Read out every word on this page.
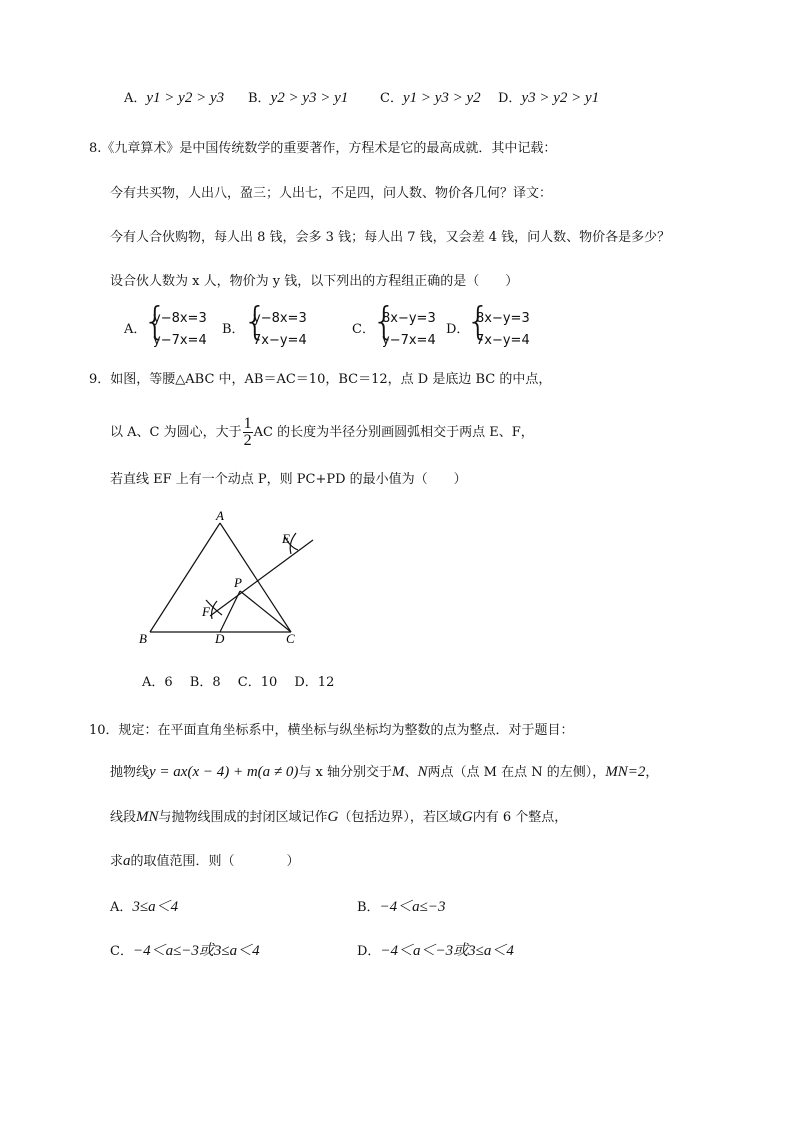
A．y1 > y2 > y3 B．y2 > y3 > y1 C．y1 > y3 > y2 D．y3 > y2 > y1
8.《九章算术》是中国传统数学的重要著作，方程术是它的最高成就．其中记载：
今有共买物，人出八，盈三；人出七，不足四，问人数、物价各几何？译文：
今有人合伙购物，每人出 8 钱，会多 3 钱；每人出 7 钱，又会差 4 钱，问人数、物价各是多少？
设合伙人数为 x 人，物价为 y 钱，以下列出的方程组正确的是（　　）
A．
{
y−8x=3
y−7x=4
B．
{
y−8x=3
7x−y=4
C．
{
8x−y=3
y−7x=4
D．
{
8x−y=3
7x−y=4
9．如图，等腰△ABC 中，AB＝AC＝10，BC＝12，点 D 是底边 BC 的中点，
以 A、C 为圆心，大于 $\frac{1}{2}$ AC 的长度为半径分别画圆弧相交于两点 E、F，
若直线 EF 上有一个动点 P，则 PC+PD 的最小值为（　　）
A
B	C
D
E
F
P
A．6　 B．8　 C．10　 D．12
10．规定：在平面直角坐标系中，横坐标与纵坐标均为整数的点为整点．对于题目：
抛物线y = ax(x − 4) + m(a ≠ 0)与 x 轴分别交于M、N两点（点 M 在点 N 的左侧），MN=2，
线段MN与抛物线围成的封闭区域记作G（包括边界），若区域G内有 6 个整点，
求a的取值范围．则（　　　　）
A．3≤a＜4	B．−4＜a≤−3
C．−4＜a≤−3或3≤a＜4	D．−4＜a＜−3或3≤a＜4
